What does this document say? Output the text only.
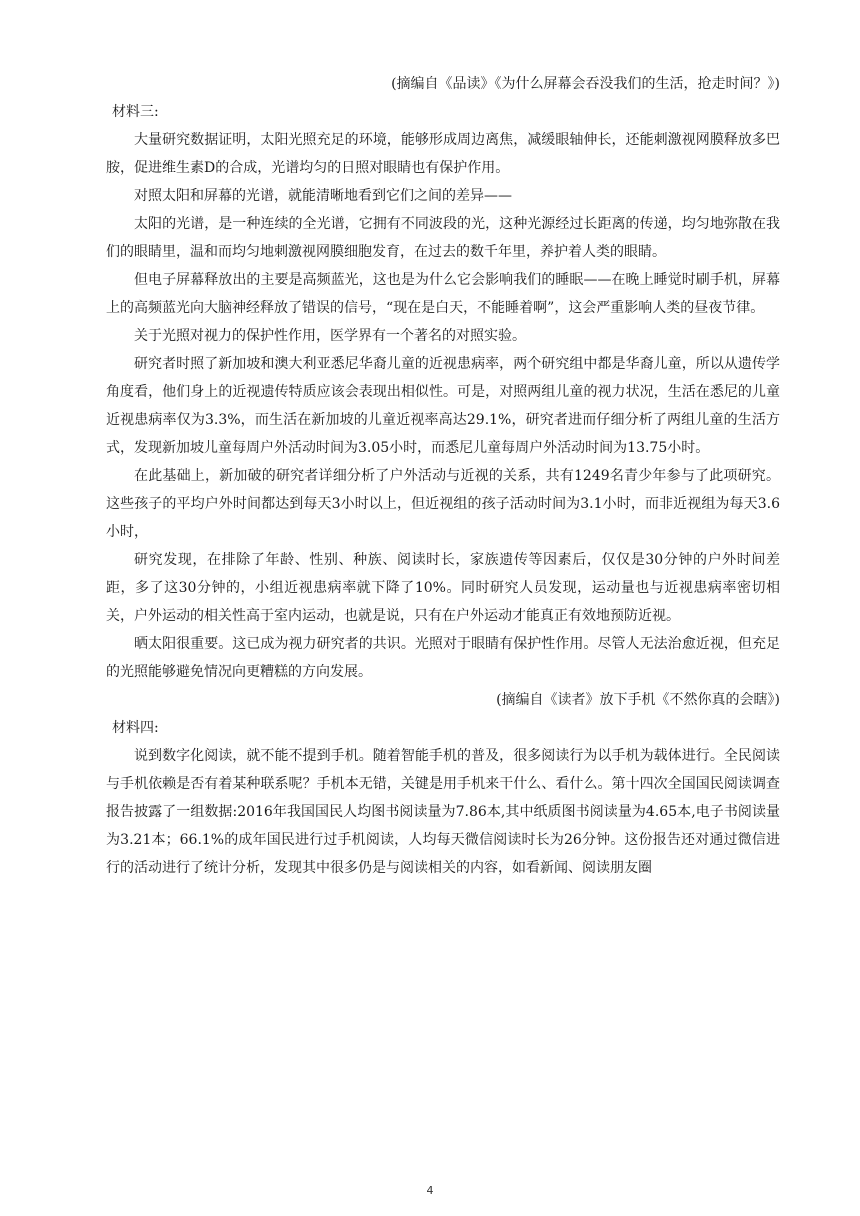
(摘编自《品读》《为什么屏幕会吞没我们的生活，抢走时间？》)

材料三:

大量研究数据证明，太阳光照充足的环境，能够形成周边离焦，减缓眼轴伸长，还能刺激视网膜释放多巴胺，促进维生素D的合成，光谱均匀的日照对眼睛也有保护作用。

对照太阳和屏幕的光谱，就能清晰地看到它们之间的差异——

太阳的光谱，是一种连续的全光谱，它拥有不同波段的光，这种光源经过长距离的传递，均匀地弥散在我们的眼睛里，温和而均匀地刺激视网膜细胞发育，在过去的数千年里，养护着人类的眼睛。

但电子屏幕释放出的主要是高频蓝光，这也是为什么它会影响我们的睡眠——在晚上睡觉时刷手机，屏幕上的高频蓝光向大脑神经释放了错误的信号，“现在是白天，不能睡着啊”，这会严重影响人类的昼夜节律。

关于光照对视力的保护性作用，医学界有一个著名的对照实验。

研究者时照了新加坡和澳大利亚悉尼华裔儿童的近视患病率，两个研究组中都是华裔儿童，所以从遗传学角度看，他们身上的近视遗传特质应该会表现出相似性。可是，对照两组儿童的视力状况，生活在悉尼的儿童近视患病率仅为3.3%，而生活在新加坡的儿童近视率高达29.1%，研究者进而仔细分析了两组儿童的生活方式，发现新加坡儿童每周户外活动时间为3.05小时，而悉尼儿童每周户外活动时间为13.75小时。

在此基础上，新加破的研究者详细分析了户外活动与近视的关系，共有1249名青少年参与了此项研究。这些孩子的平均户外时间都达到每天3小时以上，但近视组的孩子活动时间为3.1小时，而非近视组为每天3.6小时，

研究发现，在排除了年龄、性别、种族、阅读时长，家族遗传等因素后，仅仅是30分钟的户外时间差距，多了这30分钟的，小组近视患病率就下降了10%。同时研究人员发现，运动量也与近视患病率密切相关，户外运动的相关性高于室内运动，也就是说，只有在户外运动才能真正有效地预防近视。

晒太阳很重要。这已成为视力研究者的共识。光照对于眼睛有保护性作用。尽管人无法治愈近视，但充足的光照能够避免情况向更糟糕的方向发展。

(摘编自《读者》放下手机《不然你真的会瞎》)

材料四:

说到数字化阅读，就不能不提到手机。随着智能手机的普及，很多阅读行为以手机为载体进行。全民阅读与手机依赖是否有着某种联系呢？手机本无错，关键是用手机来干什么、看什么。第十四次全国国民阅读调查报告披露了一组数据:2016年我国国民人均图书阅读量为7.86本,其中纸质图书阅读量为4.65本,电子书阅读量为3.21本；66.1%的成年国民进行过手机阅读，人均每天微信阅读时长为26分钟。这份报告还对通过微信进行的活动进行了统计分析，发现其中很多仍是与阅读相关的内容，如看新闻、阅读朋友圈

4
